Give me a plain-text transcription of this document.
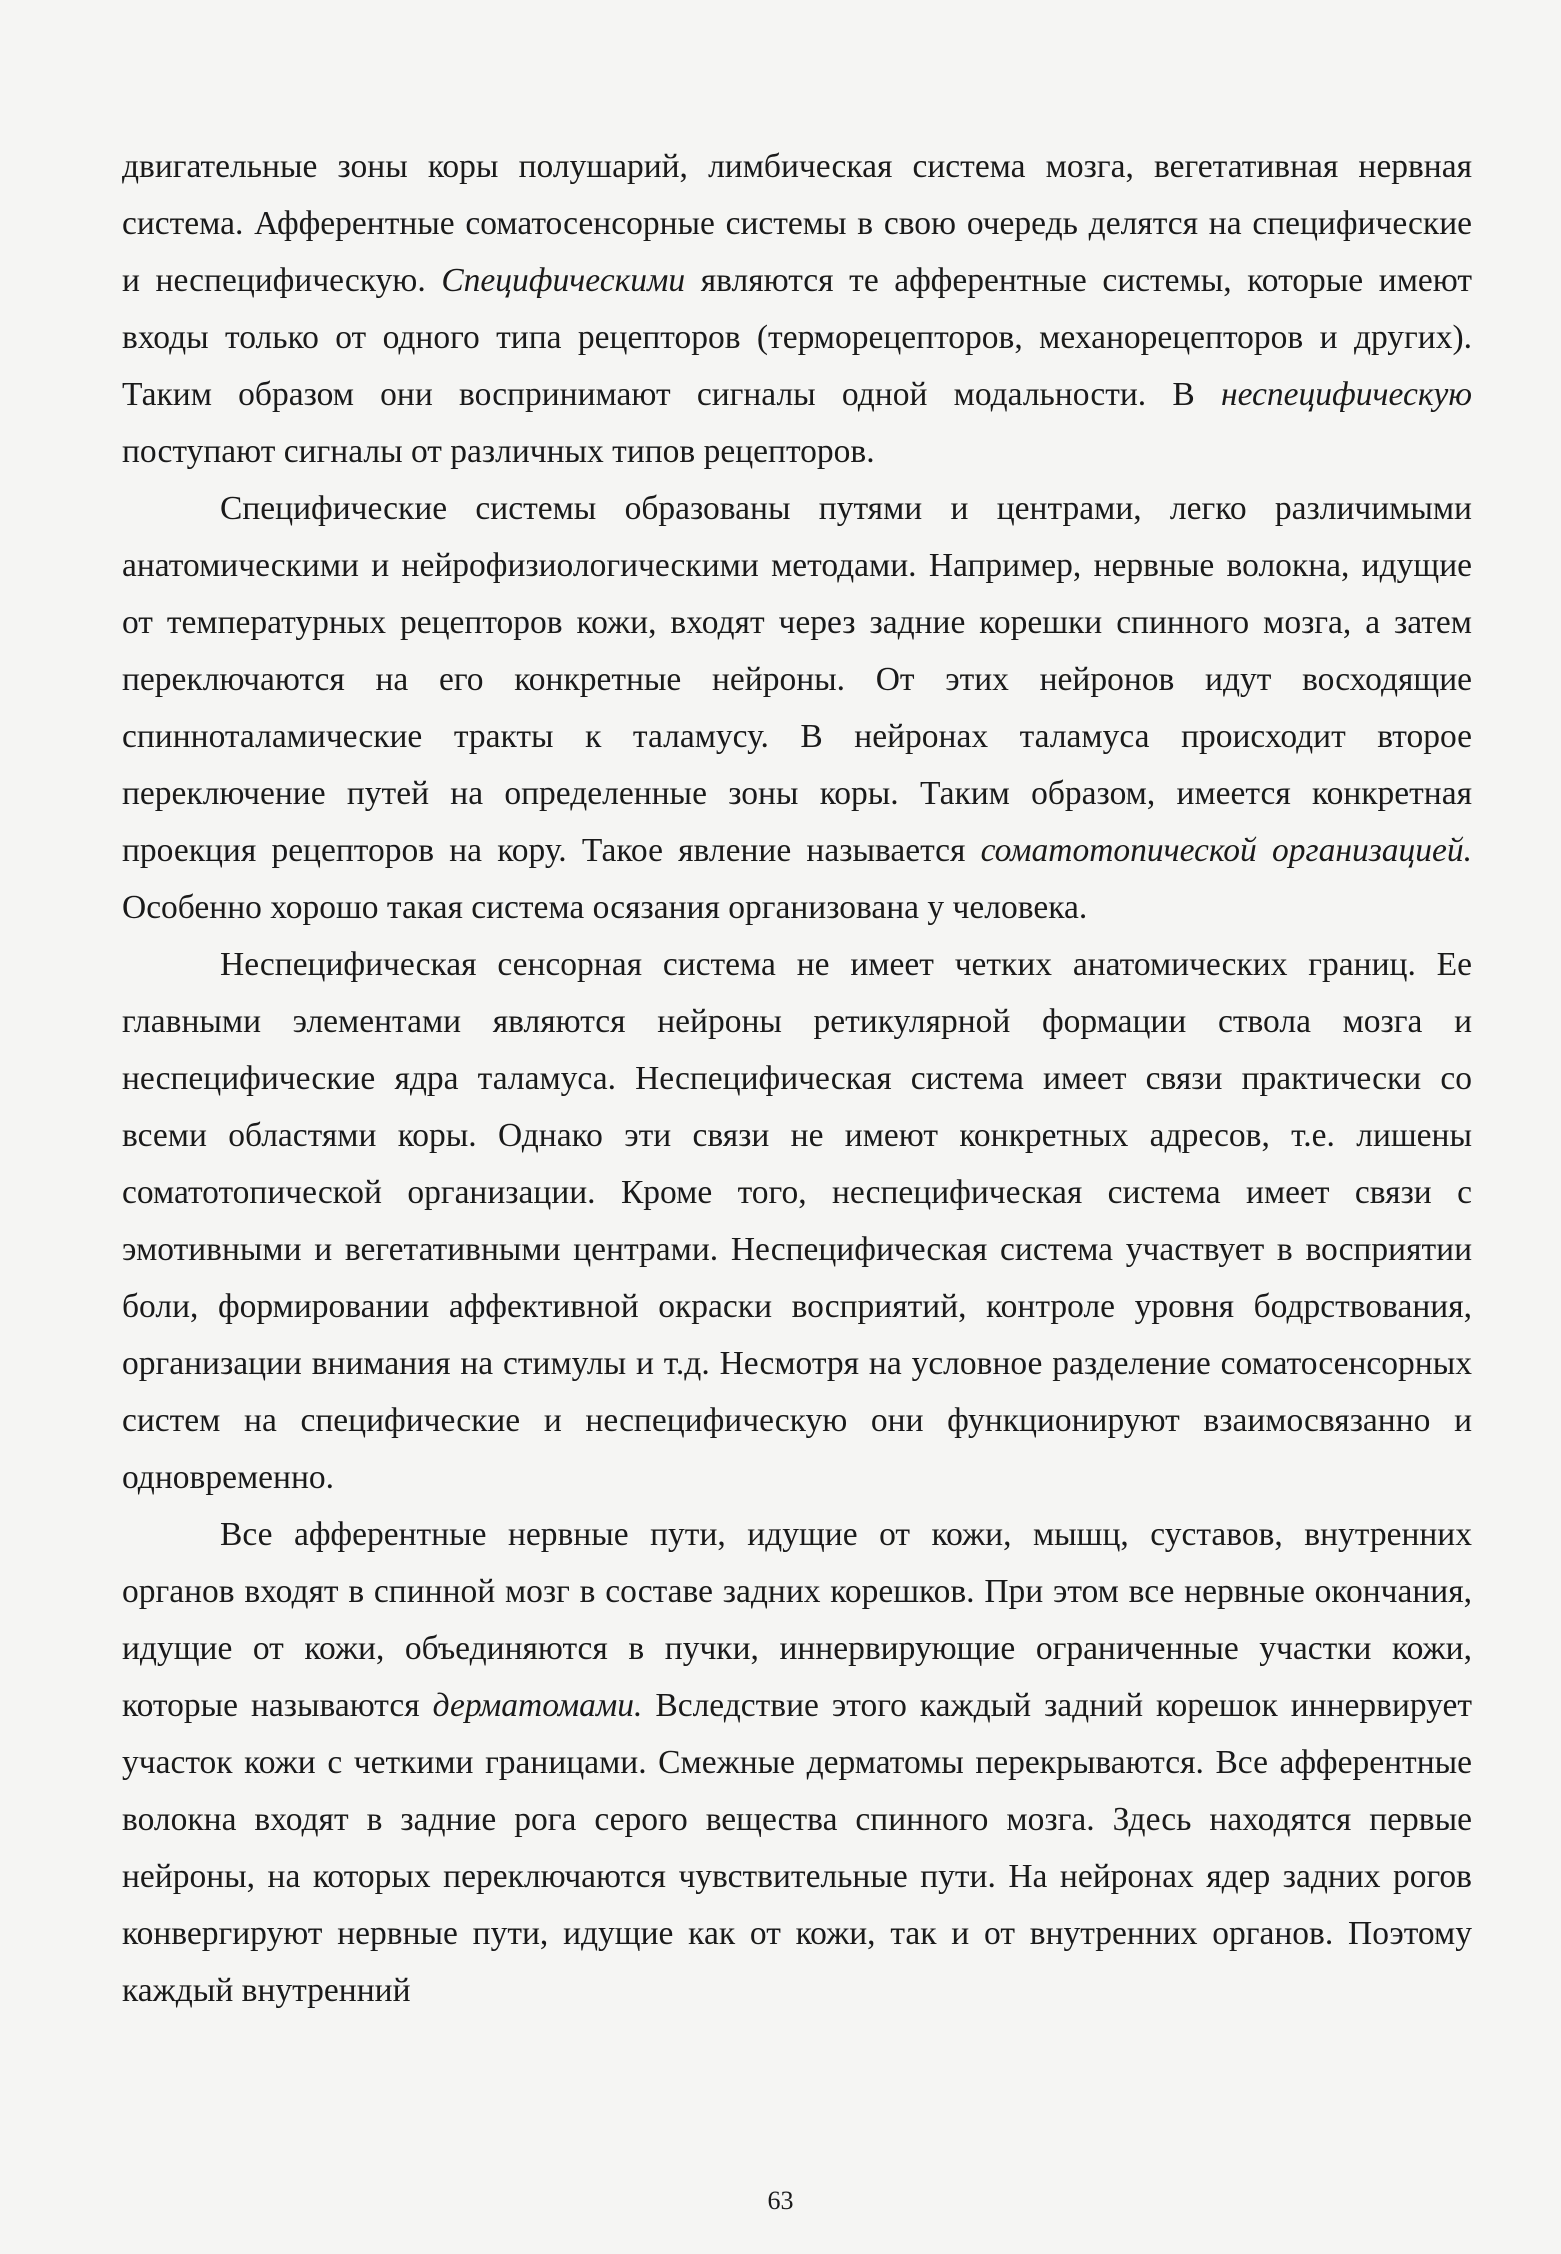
двигательные зоны коры полушарий, лимбическая система мозга, вегетативная нервная система. Афферентные соматосенсорные системы в свою очередь делятся на специфические и неспецифическую. Специфическими являются те афферентные системы, которые имеют входы только от одного типа рецепторов (терморецепторов, механорецепторов и других). Таким образом они воспринимают сигналы одной модальности. В неспецифическую поступают сигналы от различных типов рецепторов.

Специфические системы образованы путями и центрами, легко различимыми анатомическими и нейрофизиологическими методами. Например, нервные волокна, идущие от температурных рецепторов кожи, входят через задние корешки спинного мозга, а затем переключаются на его конкретные нейроны. От этих нейронов идут восходящие спинноталамические тракты к таламусу. В нейронах таламуса происходит второе переключение путей на определенные зоны коры. Таким образом, имеется конкретная проекция рецепторов на кору. Такое явление называется соматотопической организацией. Особенно хорошо такая система осязания организована у человека.

Неспецифическая сенсорная система не имеет четких анатомических границ. Ее главными элементами являются нейроны ретикулярной формации ствола мозга и неспецифические ядра таламуса. Неспецифическая система имеет связи практически со всеми областями коры. Однако эти связи не имеют конкретных адресов, т.е. лишены соматотопической организации. Кроме того, неспецифическая система имеет связи с эмотивными и вегетативными центрами. Неспецифическая система участвует в восприятии боли, формировании аффективной окраски восприятий, контроле уровня бодрствования, организации внимания на стимулы и т.д. Несмотря на условное разделение соматосенсорных систем на специфические и неспецифическую они функционируют взаимосвязанно и одновременно.

Все афферентные нервные пути, идущие от кожи, мышц, суставов, внутренних органов входят в спинной мозг в составе задних корешков. При этом все нервные окончания, идущие от кожи, объединяются в пучки, иннервирующие ограниченные участки кожи, которые называются дерматомами. Вследствие этого каждый задний корешок иннервирует участок кожи с четкими границами. Смежные дерматомы перекрываются. Все афферентные волокна входят в задние рога серого вещества спинного мозга. Здесь находятся первые нейроны, на которых переключаются чувствительные пути. На нейронах ядер задних рогов конвергируют нервные пути, идущие как от кожи, так и от внутренних органов. Поэтому каждый внутренний

63
